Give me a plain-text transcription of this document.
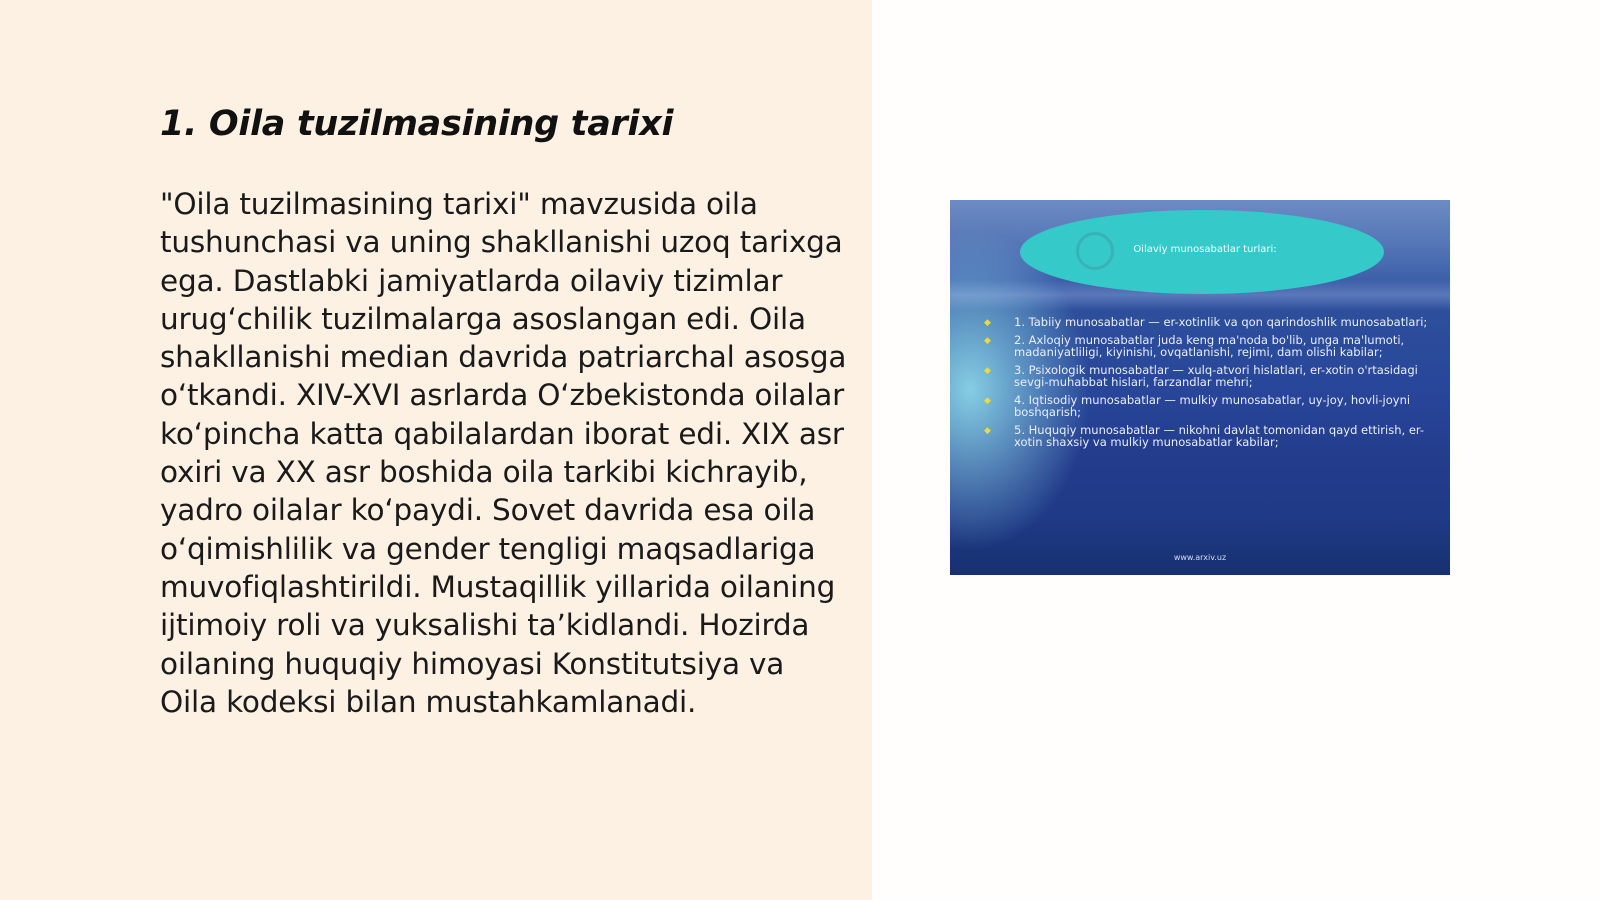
1. Oila tuzilmasining tarixi

"Oila tuzilmasining tarixi" mavzusida oila tushunchasi va uning shakllanishi uzoq tarixga ega. Dastlabki jamiyatlarda oilaviy tizimlar urug‘chilik tuzilmalarga asoslangan edi. Oila shakllanishi median davrida patriarchal asosga o‘tkandi. XIV-XVI asrlarda O‘zbekistonda oilalar ko‘pincha katta qabilalardan iborat edi. XIX asr oxiri va XX asr boshida oila tarkibi kichrayib, yadro oilalar ko‘paydi. Sovet davrida esa oila o‘qimishlilik va gender tengligi maqsadlariga muvofiqlashtirildi. Mustaqillik yillarida oilaning ijtimoiy roli va yuksalishi ta’kidlandi. Hozirda oilaning huquqiy himoyasi Konstitutsiya va Oila kodeksi bilan mustahkamlanadi.

Oilaviy munosabatlar turlari:
◆ 1. Tabiiy munosabatlar — er-xotinlik va qon qarindoshlik munosabatlari;
◆ 2. Axloqiy munosabatlar juda keng ma'noda bo'lib, unga ma'lumoti, madaniyatliligi, kiyinishi, ovqatlanishi, rejimi, dam olishi kabilar;
◆ 3. Psixologik munosabatlar — xulq-atvori hislatlari, er-xotin o'rtasidagi sevgi-muhabbat hislari, farzandlar mehri;
◆ 4. Iqtisodiy munosabatlar — mulkiy munosabatlar, uy-joy, hovli-joyni boshqarish;
◆ 5. Huquqiy munosabatlar — nikohni davlat tomonidan qayd ettirish, er-xotin shaxsiy va mulkiy munosabatlar kabilar;
www.arxiv.uz
